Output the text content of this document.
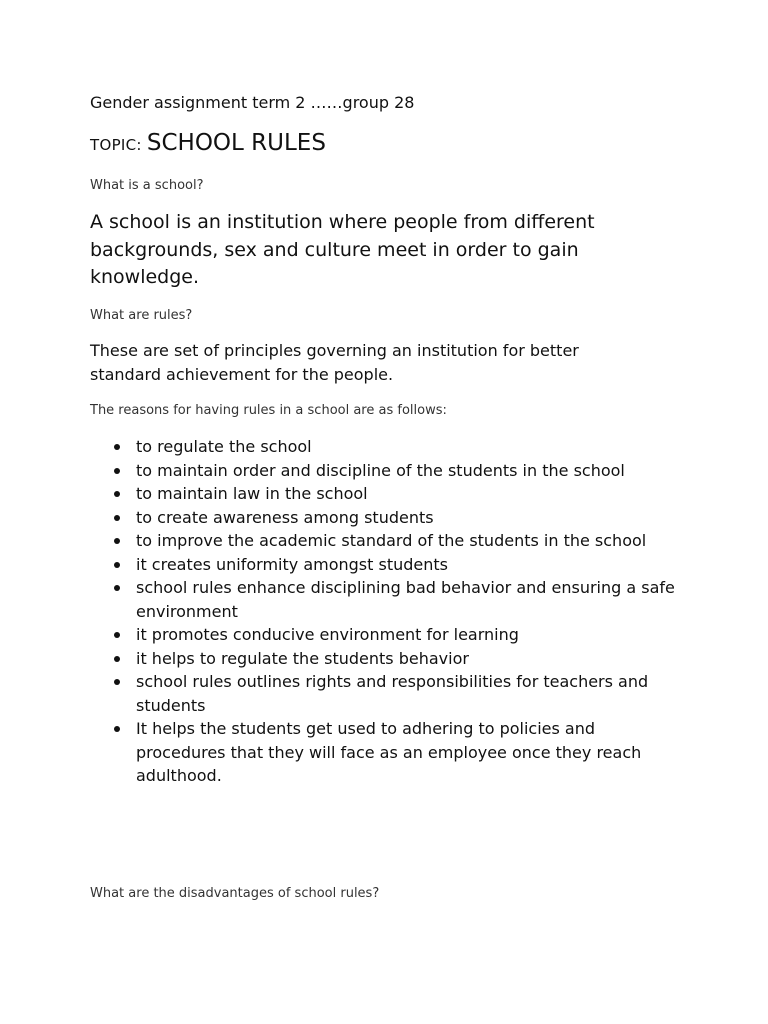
Gender assignment term 2 ……group 28

TOPIC: SCHOOL RULES

What is a school?

A school is an institution where people from different backgrounds, sex and culture meet in order to gain knowledge.

What are rules?

These are set of principles governing an institution for better standard achievement for the people.

The reasons for having rules in a school are as follows:

to regulate the school
to maintain order and discipline of the students in the school
to maintain law in the school
to create awareness among students
to improve the academic standard of the students in the school
it creates uniformity amongst students
school rules enhance disciplining bad behavior and ensuring a safe environment
it promotes conducive environment for learning
it helps to regulate the students behavior
school rules outlines rights and responsibilities for teachers and students
It helps the students get used to adhering to policies and procedures that they will face as an employee once they reach adulthood.

What are the disadvantages of school rules?
